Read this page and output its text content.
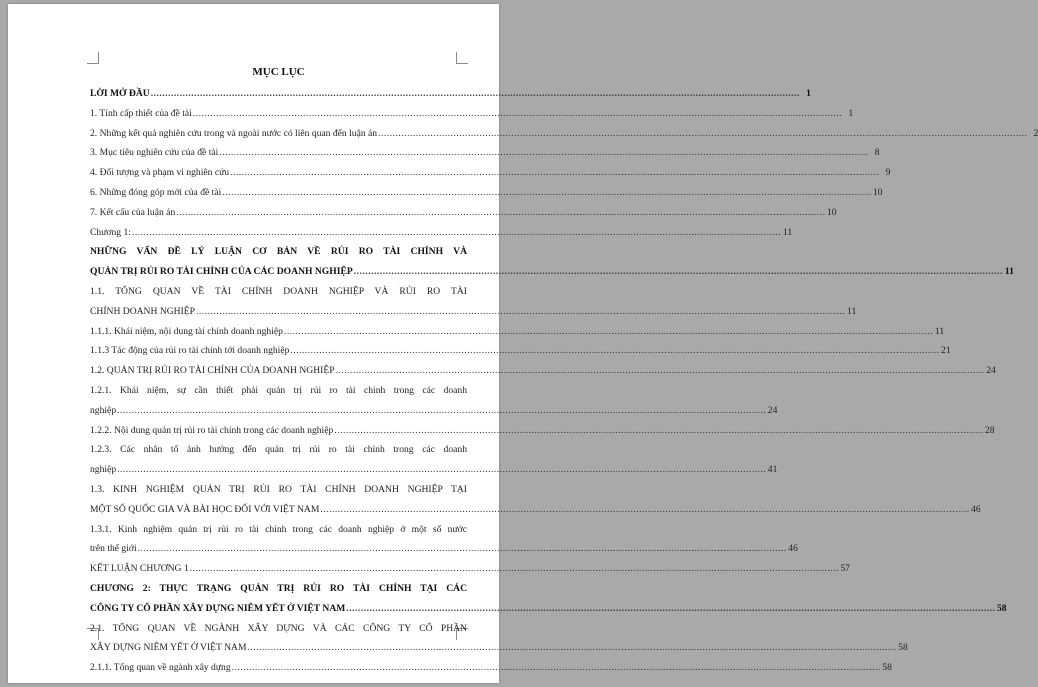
MỤC LỤC
LỜI MỞ ĐẦU .....	1
1. Tính cấp thiết của đề tài .....	1
2. Những kết quả nghiên cứu trong và ngoài nước có liên quan đến luận án .....	2
3. Mục tiêu nghiên cứu của đề tài .....	8
4. Đối tượng và phạm vi nghiên cứu .....	9
6. Những đóng góp mới của đề tài .....	10
7. Kết cấu của luận án .....	10
Chương 1: .....	11
NHỮNG VẤN ĐỀ LÝ LUẬN CƠ BẢN VỀ RỦI RO TÀI CHÍNH VÀ
QUẢN TRỊ RỦI RO TÀI CHÍNH CỦA CÁC DOANH NGHIỆP .....	11
1.1. TỔNG QUAN VỀ TÀI CHÍNH DOANH NGHIỆP VÀ RỦI RO TÀI
CHÍNH DOANH NGHIỆP .....	11
1.1.1. Khái niệm, nội dung tài chính doanh nghiệp .....	11
1.1.3 Tác động của rủi ro tài chính tới doanh nghiệp .....	21
1.2. QUẢN TRỊ RỦI RO TÀI CHÍNH CỦA DOANH NGHIỆP .....	24
1.2.1. Khái niệm, sự cần thiết phải quản trị rủi ro tài chính trong các doanh
nghiệp .....	24
1.2.2. Nội dung quản trị rủi ro tài chính trong các doanh nghiệp .....	28
1.2.3. Các nhân tố ảnh hưởng đến quản trị rủi ro tài chính trong các doanh
nghiệp .....	41
1.3. KINH NGHIỆM QUẢN TRỊ RỦI RO TÀI CHÍNH DOANH NGHIỆP TẠI
MỘT SỐ QUỐC GIA VÀ BÀI HỌC ĐỐI VỚI VIỆT NAM .....	46
1.3.1. Kinh nghiệm quản trị rủi ro tài chính trong các doanh nghiệp ở một số nước
trên thế giới .....	46
KẾT LUẬN CHƯƠNG 1 .....	57
CHƯƠNG 2: THỰC TRẠNG QUẢN TRỊ RỦI RO TÀI CHÍNH TẠI CÁC
CÔNG TY CỔ PHẦN XÂY DỰNG NIÊM YẾT Ở VIỆT NAM .....	58
2.1. TỔNG QUAN VỀ NGÀNH XÂY DỰNG VÀ CÁC CÔNG TY CỔ PHẦN
XÂY DỰNG NIÊM YẾT Ở VIỆT NAM .....	58
2.1.1. Tổng quan về ngành xây dựng .....	58
